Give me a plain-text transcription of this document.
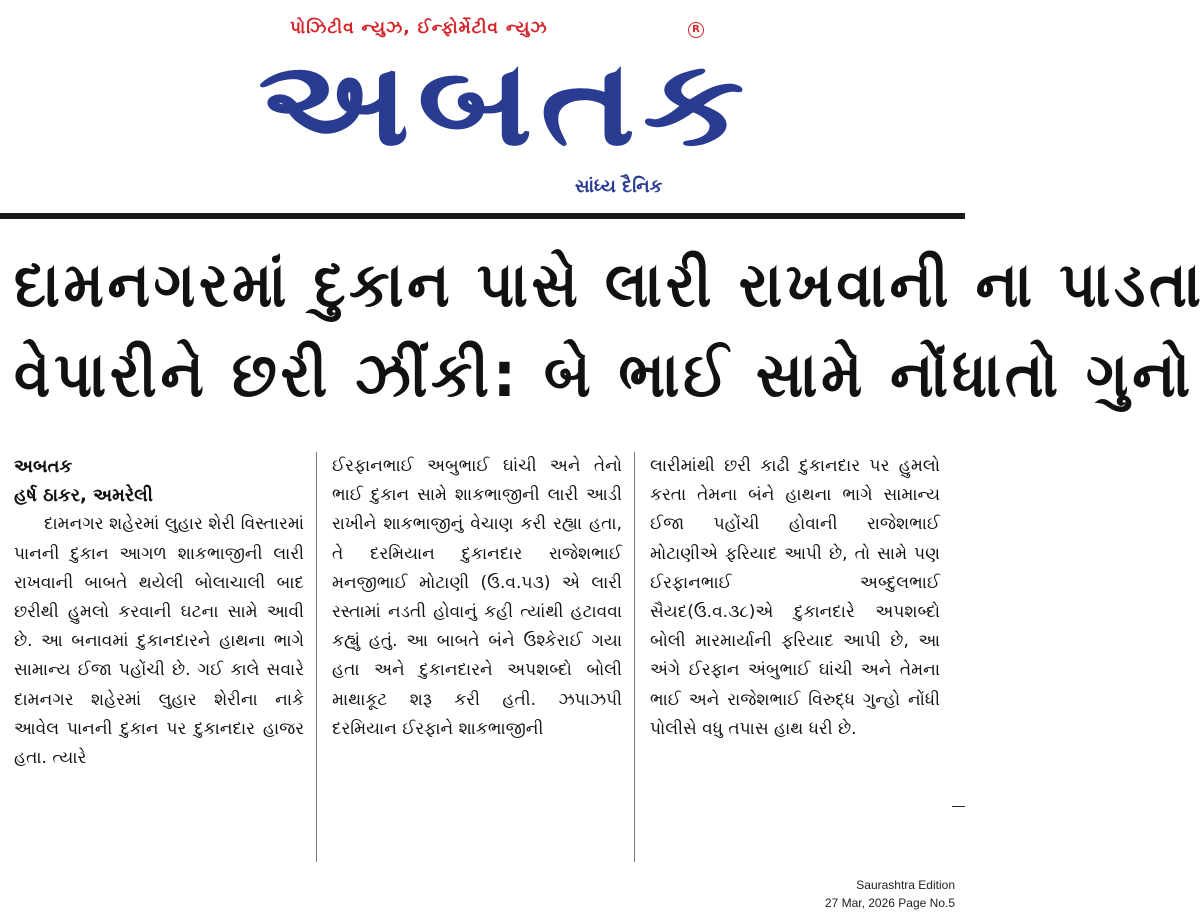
પોઝિટીવ ન્યુઝ, ઈન્ફોર્મેટીવ ન્યુઝ	R
અબતક
સાંધ્ય દૈનિક
દામનગરમાં દુકાન પાસે લારી રાખવાની ના પાડતા
વેપારીને છરી ઝીંકી: બે ભાઈ સામે નોંધાતો ગુનો

અબતક

હર્ષ ઠાકર, અમરેલી

દામનગર શહેરમાં લુહાર શેરી વિસ્તારમાં પાનની દુકાન આગળ શાકભાજીની લારી રાખવાની બાબતે થયેલી બોલાચાલી બાદ છરીથી હુમલો કરવાની ઘટના સામે આવી છે. આ બનાવમાં દુકાનદારને હાથના ભાગે સામાન્ય ઈજા પહોંચી છે. ગઈ કાલે સવારે દામનગર શહેરમાં લુહાર શેરીના નાકે આવેલ પાનની દુકાન પર દુકાનદાર હાજર હતા. ત્યારે

ઈરફાનભાઈ અબુભાઈ ઘાંચી અને તેનો ભાઈ દુકાન સામે શાકભાજીની લારી આડી રાખીને શાકભાજીનું વેચાણ કરી રહ્યા હતા, તે દરમિયાન દુકાનદાર રાજેશભાઈ મનજીભાઈ મોટાણી (ઉ.વ.૫૩) એ લારી રસ્તામાં નડતી હોવાનું કહી ત્યાંથી હટાવવા કહ્યું હતું. આ બાબતે બંને ઉશ્કેરાઈ ગયા હતા અને દુકાનદારને અપશબ્દો બોલી માથાકૂટ શરૂ કરી હતી. ઝપાઝપી દરમિયાન ઈરફાને શાકભાજીની

લારીમાંથી છરી કાઢી દુકાનદાર પર હુમલો કરતા તેમના બંને હાથના ભાગે સામાન્ય ઈજા પહોંચી હોવાની રાજેશભાઈ મોટાણીએ ફરિયાદ આપી છે, તો સામે પણ ઈરફાનભાઈ અબ્દુલભાઈ સૈયદ(ઉ.વ.૩૮)એ દુકાનદારે અપશબ્દો બોલી મારમાર્યાની ફરિયાદ આપી છે, આ અંગે ઈરફાન અંબુભાઈ ઘાંચી અને તેમના ભાઈ અને રાજેશભાઈ વિરુદ્ધ ગુન્હો નોંધી પોલીસે વધુ તપાસ હાથ ધરી છે.

Saurashtra Edition
27 Mar, 2026 Page No.5
